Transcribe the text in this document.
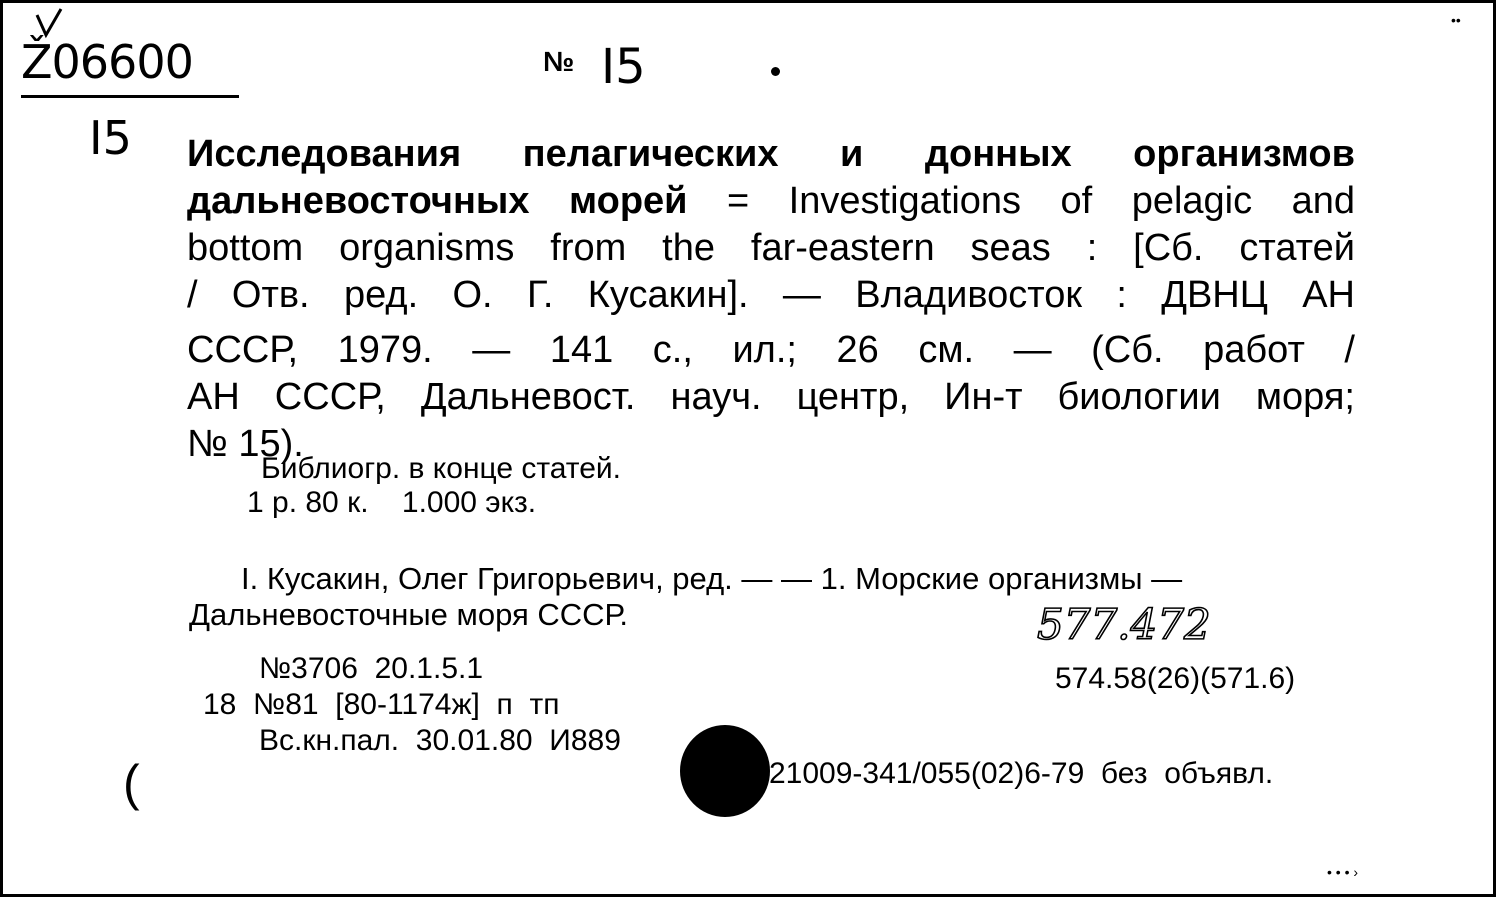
Ž06600	№ I5
I5 Исследования пелагических и донных организмов
дальневосточных морей = Investigations of pelagic and
bottom organisms from the far-eastern seas : [Сб. статей
/ Отв. ред. О. Г. Кусакин]. — Владивосток : ДВНЦ АН
СССР, 1979. — 141 с., ил.; 26 см. — (Сб. работ /
АН СССР, Дальневост. науч. центр, Ин-т биологии моря;
№ 15).
Библиогр. в конце статей.
1 р. 80 к.    1.000 экз.
I. Кусакин, Олег Григорьевич, ред. — — 1. Морские организмы —
Дальневосточные моря СССР.	577.472
574.58(26)(571.6)
№3706  20.1.5.1
18  №81  [80-1174ж]  п  тп
Вс.кн.пал.  30.01.80  И889
21009-341/055(02)6-79  без  объявл.
(
••
• • • ›
